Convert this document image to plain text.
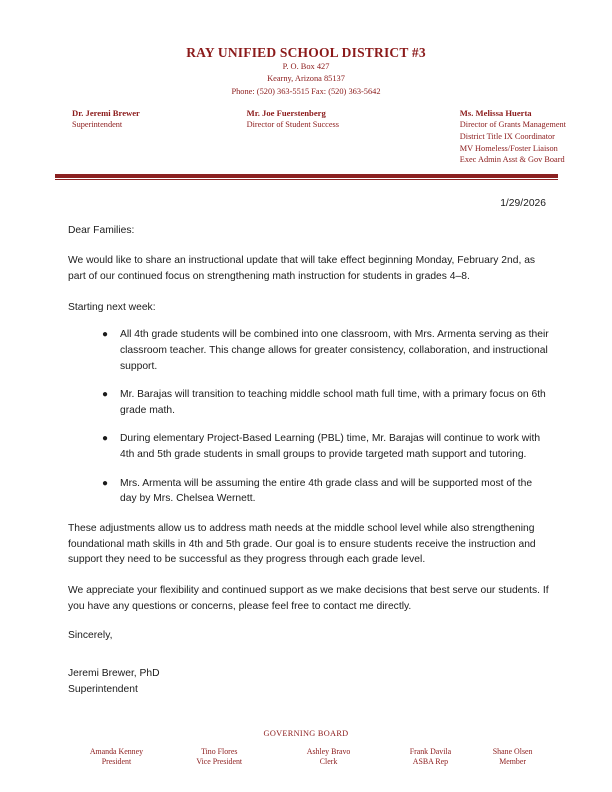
RAY UNIFIED SCHOOL DISTRICT #3
P. O. Box 427
Kearny, Arizona 85137
Phone: (520) 363-5515 Fax: (520) 363-5642
Dr. Jeremi Brewer
Superintendent
Mr. Joe Fuerstenberg
Director of Student Success
Ms. Melissa Huerta
Director of Grants Management
District Title IX Coordinator
MV Homeless/Foster Liaison
Exec Admin Asst & Gov Board
1/29/2026
Dear Families:
We would like to share an instructional update that will take effect beginning Monday, February 2nd, as part of our continued focus on strengthening math instruction for students in grades 4–8.
Starting next week:
● All 4th grade students will be combined into one classroom, with Mrs. Armenta serving as their classroom teacher. This change allows for greater consistency, collaboration, and instructional support.
● Mr. Barajas will transition to teaching middle school math full time, with a primary focus on 6th grade math.
● During elementary Project-Based Learning (PBL) time, Mr. Barajas will continue to work with 4th and 5th grade students in small groups to provide targeted math support and tutoring.
● Mrs. Armenta will be assuming the entire 4th grade class and will be supported most of the day by Mrs. Chelsea Wernett.
These adjustments allow us to address math needs at the middle school level while also strengthening foundational math skills in 4th and 5th grade. Our goal is to ensure students receive the instruction and support they need to be successful as they progress through each grade level.
We appreciate your flexibility and continued support as we make decisions that best serve our students. If you have any questions or concerns, please feel free to contact me directly.
Sincerely,
Jeremi Brewer, PhD
Superintendent
GOVERNING BOARD
Amanda Kenney
President
Tino Flores
Vice President
Ashley Bravo
Clerk
Frank Davila
ASBA Rep
Shane Olsen
Member
